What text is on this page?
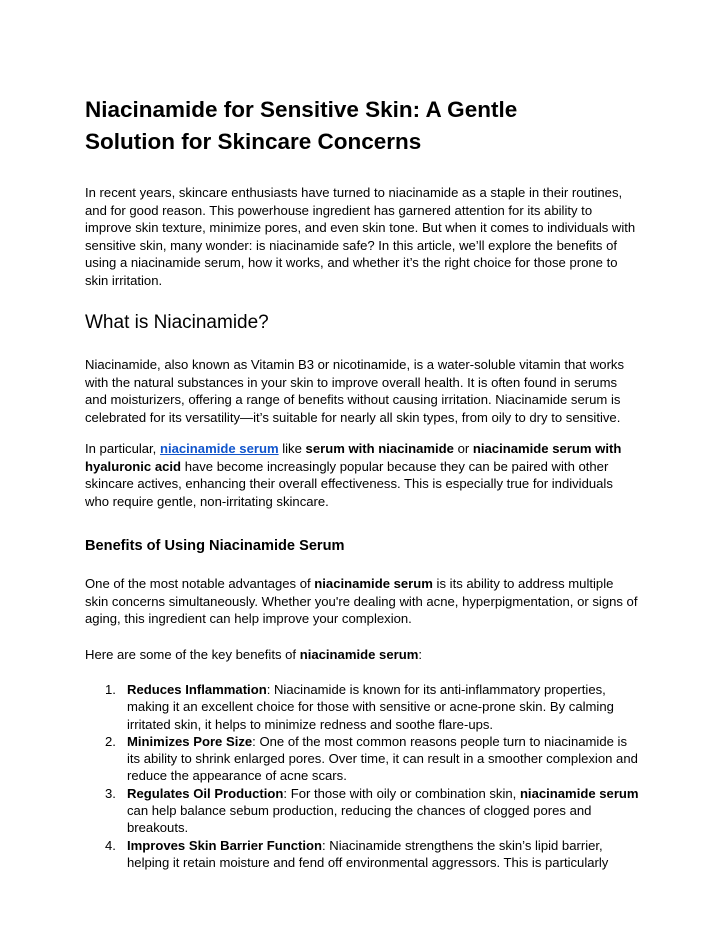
Niacinamide for Sensitive Skin: A Gentle Solution for Skincare Concerns

In recent years, skincare enthusiasts have turned to niacinamide as a staple in their routines, and for good reason. This powerhouse ingredient has garnered attention for its ability to improve skin texture, minimize pores, and even skin tone. But when it comes to individuals with sensitive skin, many wonder: is niacinamide safe? In this article, we’ll explore the benefits of using a niacinamide serum, how it works, and whether it’s the right choice for those prone to skin irritation.

What is Niacinamide?

Niacinamide, also known as Vitamin B3 or nicotinamide, is a water-soluble vitamin that works with the natural substances in your skin to improve overall health. It is often found in serums and moisturizers, offering a range of benefits without causing irritation. Niacinamide serum is celebrated for its versatility—it’s suitable for nearly all skin types, from oily to dry to sensitive.

In particular, niacinamide serum like serum with niacinamide or niacinamide serum with hyaluronic acid have become increasingly popular because they can be paired with other skincare actives, enhancing their overall effectiveness. This is especially true for individuals who require gentle, non-irritating skincare.

Benefits of Using Niacinamide Serum

One of the most notable advantages of niacinamide serum is its ability to address multiple skin concerns simultaneously. Whether you're dealing with acne, hyperpigmentation, or signs of aging, this ingredient can help improve your complexion.

Here are some of the key benefits of niacinamide serum:

1. Reduces Inflammation: Niacinamide is known for its anti-inflammatory properties, making it an excellent choice for those with sensitive or acne-prone skin. By calming irritated skin, it helps to minimize redness and soothe flare-ups.
2. Minimizes Pore Size: One of the most common reasons people turn to niacinamide is its ability to shrink enlarged pores. Over time, it can result in a smoother complexion and reduce the appearance of acne scars.
3. Regulates Oil Production: For those with oily or combination skin, niacinamide serum can help balance sebum production, reducing the chances of clogged pores and breakouts.
4. Improves Skin Barrier Function: Niacinamide strengthens the skin’s lipid barrier, helping it retain moisture and fend off environmental aggressors. This is particularly
